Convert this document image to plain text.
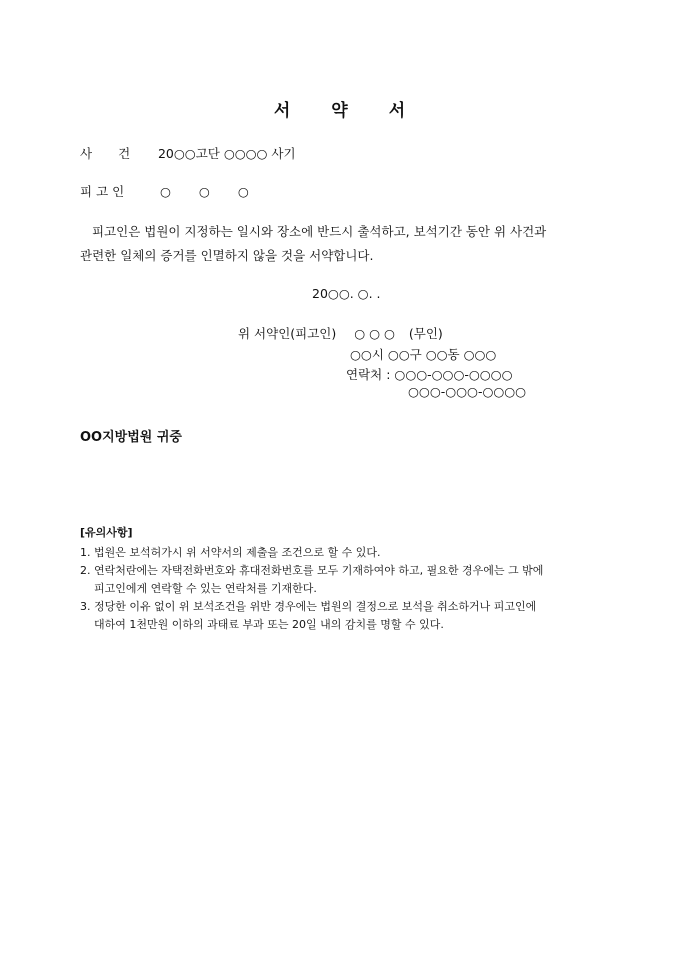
서 약 서
사 건 20○○고단 ○○○○ 사기
피 고 인	○ ○ ○
피고인은 법원이 지정하는 일시와 장소에 반드시 출석하고, 보석기간 동안 위 사건과
관련한 일체의 증거를 인멸하지 않을 것을 서약합니다.
20○○. ○. .
위 서약인(피고인) ○ ○ ○ (무인)
○○시 ○○구 ○○동 ○○○
연락처 : ○○○-○○○-○○○○
○○○-○○○-○○○○
OO지방법원 귀중
[유의사항]
1. 법원은 보석허가시 위 서약서의 제출을 조건으로 할 수 있다.
2. 연락처란에는 자택전화번호와 휴대전화번호를 모두 기재하여야 하고, 필요한 경우에는 그 밖에
피고인에게 연락할 수 있는 연락처를 기재한다.
3. 정당한 이유 없이 위 보석조건을 위반 경우에는 법원의 결정으로 보석을 취소하거나 피고인에
대하여 1천만원 이하의 과태료 부과 또는 20일 내의 감치를 명할 수 있다.
